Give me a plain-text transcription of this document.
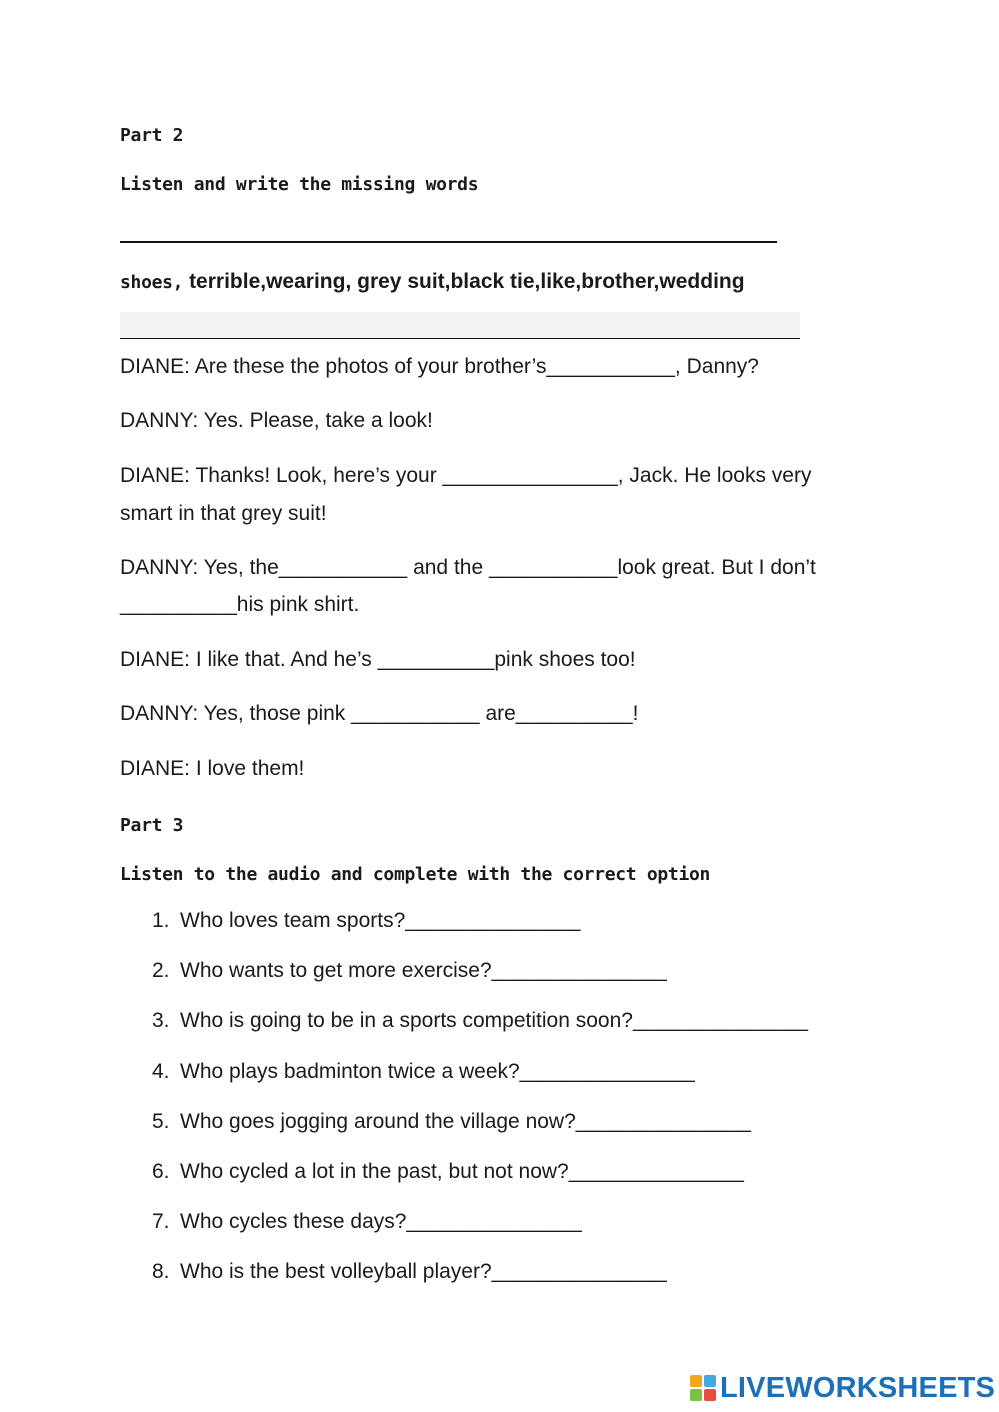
Part 2
Listen and write the missing words
shoes, terrible,wearing, grey suit,black tie,like,brother,wedding
DIANE: Are these the photos of your brother’s___________, Danny?
DANNY: Yes. Please, take a look!
DIANE: Thanks! Look, here’s your _______________, Jack. He looks very
smart in that grey suit!
DANNY: Yes, the___________ and the ___________look great. But I don’t
__________his pink shirt.
DIANE: I like that. And he’s __________pink shoes too!
DANNY: Yes, those pink ___________ are__________!
DIANE: I love them!
Part 3
Listen to the audio and complete with the correct option
1. Who loves team sports?_______________
2. Who wants to get more exercise?_______________
3. Who is going to be in a sports competition soon?_______________
4. Who plays badminton twice a week?_______________
5. Who goes jogging around the village now?_______________
6. Who cycled a lot in the past, but not now?_______________
7. Who cycles these days?_______________
8. Who is the best volleyball player?_______________
LIVEWORKSHEETS
